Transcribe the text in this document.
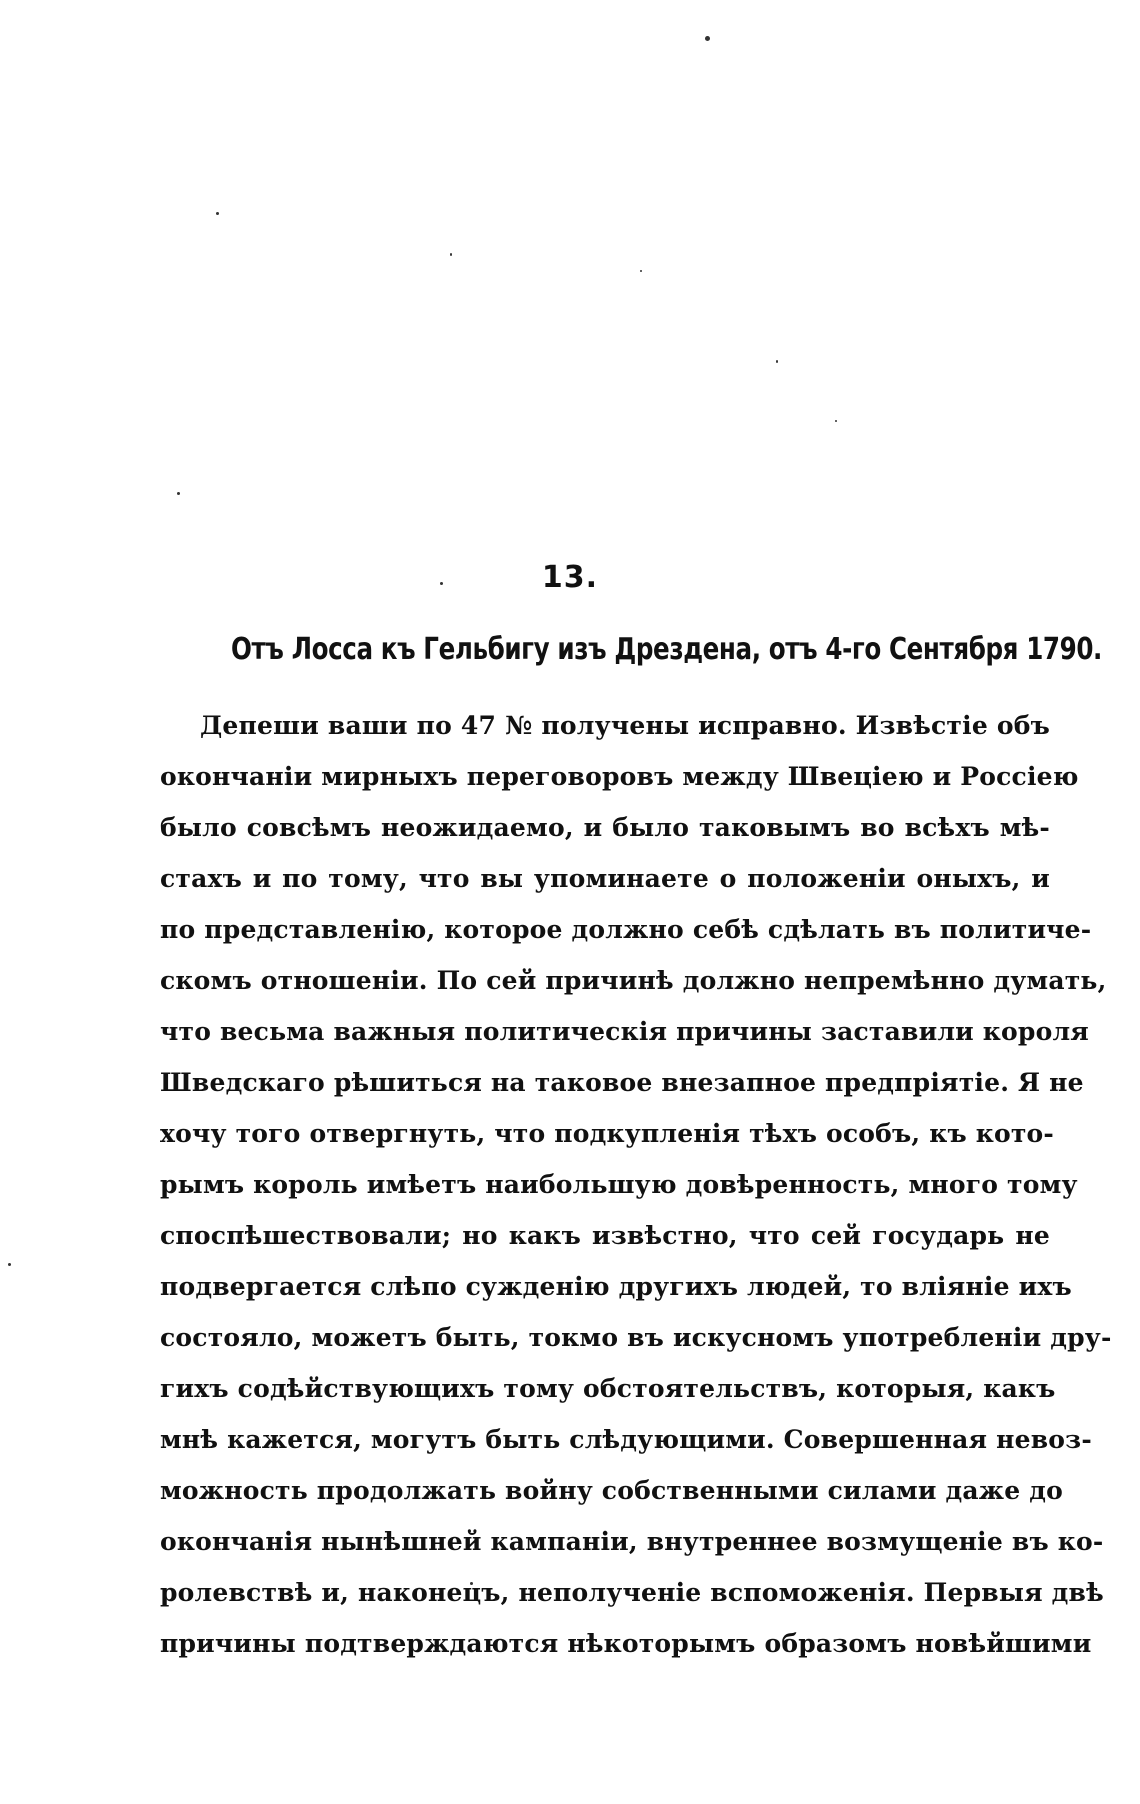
13.
Отъ Лосса къ Гельбигу изъ Дрездена, отъ 4-го Сентября 1790.
Депеши ваши по 47 № получены исправно. Извѣстіе объ
окончаніи мирныхъ переговоровъ между Швеціею и Россіею
было совсѣмъ неожидаемо, и было таковымъ во всѣхъ мѣ-
стахъ и по тому, что вы упоминаете о положеніи оныхъ, и
по представленію, которое должно себѣ сдѣлать въ политиче-
скомъ отношеніи. По сей причинѣ должно непремѣнно думать,
что весьма важныя политическія причины заставили короля
Шведскаго рѣшиться на таковое внезапное предпріятіе. Я не
хочу того отвергнуть, что подкупленія тѣхъ особъ, къ кото-
рымъ король имѣетъ наибольшую довѣренность, много тому
споспѣшествовали; но какъ извѣстно, что сей государь не
подвергается слѣпо сужденію другихъ людей, то вліяніе ихъ
состояло, можетъ быть, токмо въ искусномъ употребленіи дру-
гихъ содѣйствующихъ тому обстоятельствъ, которыя, какъ
мнѣ кажется, могутъ быть слѣдующими. Совершенная невоз-
можность продолжать войну собственными силами даже до
окончанія нынѣшней кампаніи, внутреннее возмущеніе въ ко-
ролевствѣ и, наконецъ, неполученіе вспоможенія. Первыя двѣ
причины подтверждаются нѣкоторымъ образомъ новѣйшими
